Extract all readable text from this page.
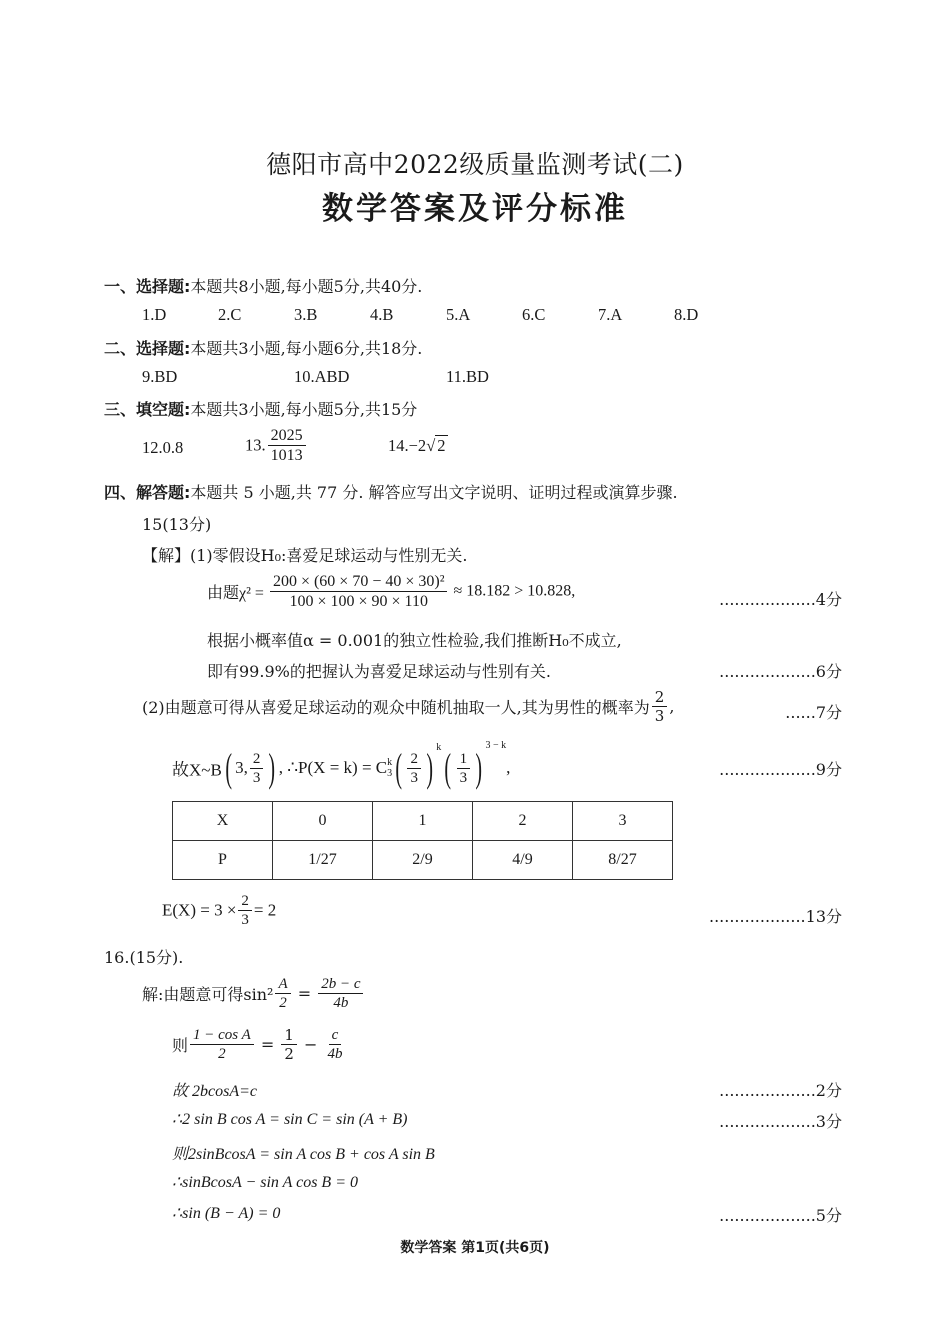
德阳市高中2022级质量监测考试(二)
数学答案及评分标准
一、选择题:本题共8小题,每小题5分,共40分.
1.D	2.C	3.B	4.B	5.A	6.C	7.A	8.D
二、选择题:本题共3小题,每小题6分,共18分.
9.BD	10.ABD	11.BD
三、填空题:本题共3小题,每小题5分,共15分
12.0.8	13. $\frac{2025}{1013}$	14.−2√ 2
四、解答题:本题共 5 小题,共 77 分. 解答应写出文字说明、证明过程或演算步骤.
15(13分)
【解】(1)零假设H₀:喜爱足球运动与性别无关.
由题$\chi^2 = \frac{\text{200 × (60 × 70 − 40 × 30)²}}{100 \times 100 \times 90 \times 110} \approx 18.182 > 10.828$,	...................4分
根据小概率值α = 0.001的独立性检验,我们推断H₀不成立,
即有99.9%的把握认为喜爱足球运动与性别有关.	...................6分
(2)由题意可得从喜爱足球运动的观众中随机抽取一人,其为男性的概率为 $\frac{2}{3}$ ,	......7分
故X~B( 3, $\frac{2}{3}$ ) , ∴P(X = k) = C k
3 ( $\frac{2}{3}$ ) $^k( \frac{1}{3}$ ) $^{3 - k}$,	...................9分
X	0	1	2	3
P	1/27	2/9	4/9	8/27
$E(X) = 3 \times \frac{2}{3} = 2$	...................13分
16.(15分).
解:由题意可得$\sin^2 \frac{A}{2} = \frac{2b - c}{4b}$
则 $\frac{\text{1 − cos A}}{2} = \frac{1}{2} - \frac{c}{4b}$
故 2bcosA=c	...................2分
∴2 sin B cos A = sin C = sin (A + B)	...................3分
则2sinBcosA = sin A cos B + cos A sin B
∴sinBcosA − sin A cos B = 0
∴sin (B − A) = 0	...................5分
数学答案 第1页(共6页)
